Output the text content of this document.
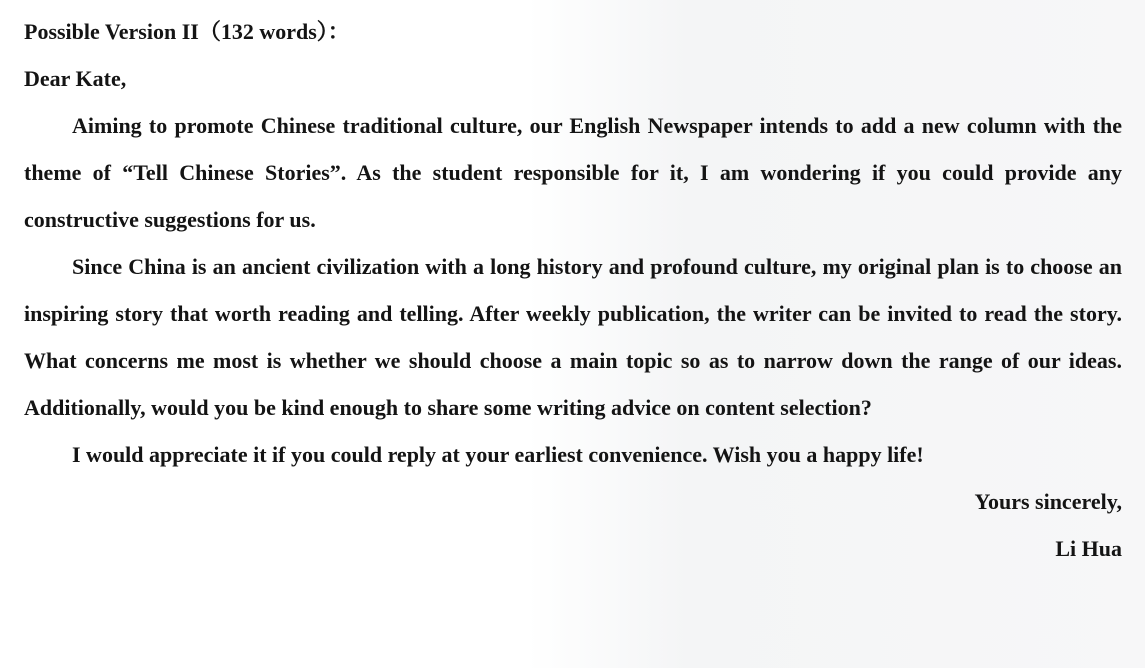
Possible Version II（132 words）：

Dear Kate,

Aiming to promote Chinese traditional culture, our English Newspaper intends to add a new column with the theme of “Tell Chinese Stories”. As the student responsible for it, I am wondering if you could provide any constructive suggestions for us.

Since China is an ancient civilization with a long history and profound culture, my original plan is to choose an inspiring story that worth reading and telling. After weekly publication, the writer can be invited to read the story. What concerns me most is whether we should choose a main topic so as to narrow down the range of our ideas. Additionally, would you be kind enough to share some writing advice on content selection?

I would appreciate it if you could reply at your earliest convenience. Wish you a happy life!

Yours sincerely,

Li Hua
